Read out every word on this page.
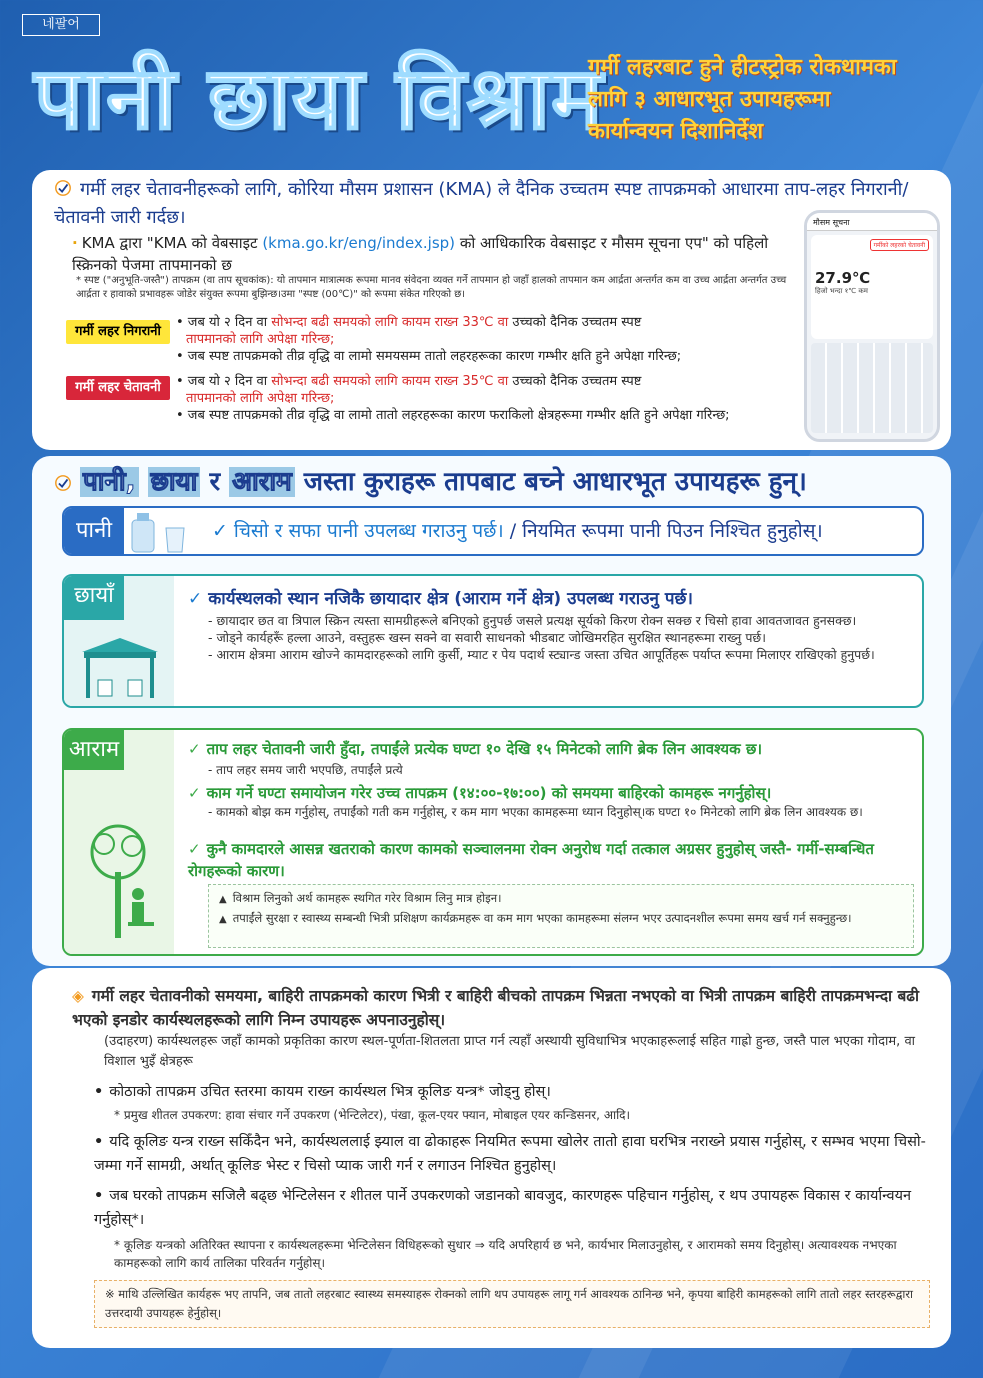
네팔어
पानी छाया विश्राम
गर्मी लहरबाट हुने हीटस्ट्रोक रोकथामका
लागि ३ आधारभूत उपायहरूमा
कार्यान्वयन दिशानिर्देश
गर्मी लहर चेतावनीहरूको लागि, कोरिया मौसम प्रशासन (KMA) ले दैनिक उच्चतम स्पष्ट तापक्रमको आधारमा ताप-लहर निगरानी/चेतावनी जारी गर्दछ।
· KMA द्वारा "KMA को वेबसाइट (kma.go.kr/eng/index.jsp) को आधिकारिक वेबसाइट र मौसम सूचना एप" को पहिलो स्क्रिनको पेजमा तापमानको छ
* स्पष्ट ("अनुभूति-जस्तै") तापक्रम (वा ताप सूचकांक): यो तापमान मात्रात्मक रूपमा मानव संवेदना व्यक्त गर्ने तापमान हो जहाँ हालको तापमान कम आर्द्रता अन्तर्गत कम वा उच्च आर्द्रता अन्तर्गत उच्च आर्द्रता र हावाको प्रभावहरू जोडेर संयुक्त रूपमा बुझिन्छ।उमा "स्पष्ट (00℃)" को रूपमा संकेत गरिएको छ।
गर्मी लहर निगरानी
• जब यो २ दिन वा सोभन्दा बढी समयको लागि कायम राख्न 33℃ वा उच्चको दैनिक उच्चतम स्पष्ट
तापमानको लागि अपेक्षा गरिन्छ;
• जब स्पष्ट तापक्रमको तीव्र वृद्धि वा लामो समयसम्म तातो लहरहरूका कारण गम्भीर क्षति हुने अपेक्षा गरिन्छ;
गर्मी लहर चेतावनी	• जब यो २ दिन वा सोभन्दा बढी समयको लागि कायम राख्न 35℃ वा उच्चको दैनिक उच्चतम स्पष्ट
तापमानको लागि अपेक्षा गरिन्छ;
• जब स्पष्ट तापक्रमको तीव्र वृद्धि वा लामो तातो लहरहरूका कारण फराकिलो क्षेत्रहरूमा गम्भीर क्षति हुने अपेक्षा गरिन्छ;
मौसम सूचना
गर्मीको लहरको चेतावनी
27.9℃
हिजो भन्दा १℃ कम
पानी, छाया र आराम जस्ता कुराहरू तापबाट बच्ने आधारभूत उपायहरू हुन्।
पानी	✓ चिसो र सफा पानी उपलब्ध गराउनु पर्छ। / नियमित रूपमा पानी पिउन निश्चित हुनुहोस्।
छायाँ	✓ कार्यस्थलको स्थान नजिकै छायादार क्षेत्र (आराम गर्ने क्षेत्र) उपलब्ध गराउनु पर्छ।
- छायादार छत वा त्रिपाल स्क्रिन त्यस्ता सामग्रीहरूले बनिएको हुनुपर्छ जसले प्रत्यक्ष सूर्यको किरण रोक्न सक्छ र चिसो हावा आवतजावत हुनसक्छ।
- जोड्ने कार्यहरूँ हल्ला आउने, वस्तुहरू खस्न सक्ने वा सवारी साधनको भीडबाट जोखिमरहित सुरक्षित स्थानहरूमा राख्नु पर्छ।
- आराम क्षेत्रमा आराम खोज्ने कामदारहरूको लागि कुर्सी, म्याट र पेय पदार्थ स्ट्यान्ड जस्ता उचित आपूर्तिहरू पर्याप्त रूपमा मिलाएर राखिएको हुनुपर्छ।
आराम	✓ ताप लहर चेतावनी जारी हुँदा, तपाईंले प्रत्येक घण्टा १० देखि १५ मिनेटको लागि ब्रेक लिन आवश्यक छ।
- ताप लहर समय जारी भएपछि, तपाईंले प्रत्ये
✓ काम गर्ने घण्टा समायोजन गरेर उच्च तापक्रम (१४:००-१७:००) को समयमा बाहिरको कामहरू नगर्नुहोस्।
- कामको बोझ कम गर्नुहोस्, तपाईंको गती कम गर्नुहोस्, र कम माग भएका कामहरूमा ध्यान दिनुहोस्।क घण्टा १० मिनेटको लागि ब्रेक लिन आवश्यक छ।
✓ कुनै कामदारले आसन्न खतराको कारण कामको सञ्चालनमा रोक्न अनुरोध गर्दा तत्काल अग्रसर हुनुहोस् जस्तै- गर्मी-सम्बन्धित रोगहरूको कारण।
▲ विश्राम लिनुको अर्थ कामहरू स्थगित गरेर विश्राम लिनु मात्र होइन।
▲ तपाईंले सुरक्षा र स्वास्थ्य सम्बन्धी भित्री प्रशिक्षण कार्यक्रमहरू वा कम माग भएका कामहरूमा संलग्न भएर उत्पादनशील रूपमा समय खर्च गर्न सक्नुहुन्छ।
◈ गर्मी लहर चेतावनीको समयमा, बाहिरी तापक्रमको कारण भित्री र बाहिरी बीचको तापक्रम भिन्नता नभएको वा भित्री तापक्रम बाहिरी तापक्रमभन्दा बढी भएको इनडोर कार्यस्थलहरूको लागि निम्न उपायहरू अपनाउनुहोस्।
(उदाहरण) कार्यस्थलहरू जहाँ कामको प्रकृतिका कारण स्थल-पूर्णता-शितलता प्राप्त गर्न त्यहाँ अस्थायी सुविधाभित्र भएकाहरूलाई सहित गाह्रो हुन्छ, जस्तै पाल भएका गोदाम, वा विशाल भुइँ क्षेत्रहरू
• कोठाको तापक्रम उचित स्तरमा कायम राख्न कार्यस्थल भित्र कूलिङ यन्त्र* जोड्नु होस्।
* प्रमुख शीतल उपकरण: हावा संचार गर्ने उपकरण (भेन्टिलेटर), पंखा, कूल-एयर फ्यान, मोबाइल एयर कन्डिसनर, आदि।
• यदि कूलिङ यन्त्र राख्न सकिँदैन भने, कार्यस्थललाई झ्याल वा ढोकाहरू नियमित रूपमा खोलेर तातो हावा घरभित्र नराख्ने प्रयास गर्नुहोस्, र सम्भव भएमा चिसो-जम्मा गर्ने सामग्री, अर्थात् कूलिङ भेस्ट र चिसो प्याक जारी गर्न र लगाउन निश्चित हुनुहोस्।
• जब घरको तापक्रम सजिलै बढ्छ भेन्टिलेसन र शीतल पार्ने उपकरणको जडानको बावजुद, कारणहरू पहिचान गर्नुहोस्, र थप उपायहरू विकास र कार्यान्वयन गर्नुहोस्*।
* कूलिङ यन्त्रको अतिरिक्त स्थापना र कार्यस्थलहरूमा भेन्टिलेसन विधिहरूको सुधार ⇒ यदि अपरिहार्य छ भने, कार्यभार मिलाउनुहोस्, र आरामको समय दिनुहोस्। अत्यावश्यक नभएका कामहरूको लागि कार्य तालिका परिवर्तन गर्नुहोस्।
※ माथि उल्लिखित कार्यहरू भए तापनि, जब तातो लहरबाट स्वास्थ्य समस्याहरू रोक्नको लागि थप उपायहरू लागू गर्न आवश्यक ठानिन्छ भने, कृपया बाहिरी कामहरूको लागि तातो लहर स्तरहरूद्वारा उत्तरदायी उपायहरू हेर्नुहोस्।
